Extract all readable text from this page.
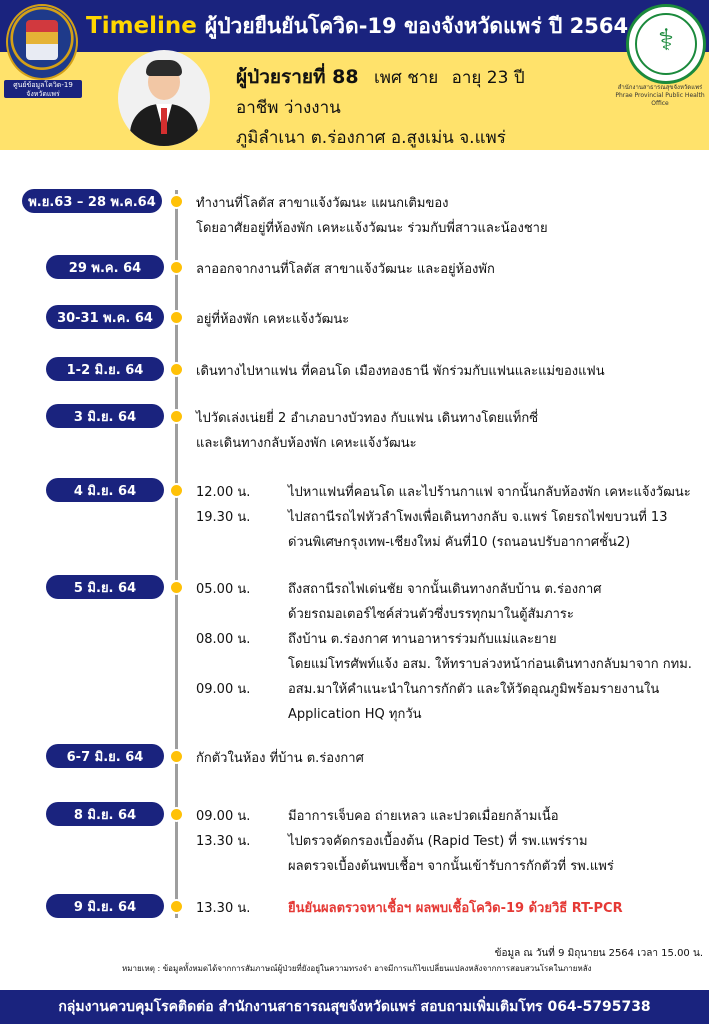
Timeline ผู้ป่วยยืนยันโควิด-19 ของจังหวัดแพร่ ปี 2564
ศูนย์ข้อมูลโควิด-19 จังหวัดแพร่
⚕
สำนักงานสาธารณสุขจังหวัดแพร่ Phrae Provincial Public Health Office
ผู้ป่วยรายที่ 88 เพศ ชาย อายุ 23 ปี
อาชีพ ว่างงาน
ภูมิลำเนา ต.ร่องกาศ อ.สูงเม่น จ.แพร่
พ.ย.63 – 28 พ.ค.64	ทำงานที่โลตัส สาขาแจ้งวัฒนะ แผนกเติมของ
โดยอาศัยอยู่ที่ห้องพัก เคหะแจ้งวัฒนะ ร่วมกับพี่สาวและน้องชาย
29 พ.ค. 64	ลาออกจากงานที่โลตัส สาขาแจ้งวัฒนะ และอยู่ห้องพัก
30-31 พ.ค. 64	อยู่ที่ห้องพัก เคหะแจ้งวัฒนะ
1-2 มิ.ย. 64	เดินทางไปหาแฟน ที่คอนโด เมืองทองธานี พักร่วมกับแฟนและแม่ของแฟน
3 มิ.ย. 64	ไปวัดเล่งเน่ยยี่ 2 อำเภอบางบัวทอง กับแฟน เดินทางโดยแท็กซี่
และเดินทางกลับห้องพัก เคหะแจ้งวัฒนะ
4 มิ.ย. 64	12.00 น.	ไปหาแฟนที่คอนโด และไปร้านกาแฟ จากนั้นกลับห้องพัก เคหะแจ้งวัฒนะ
19.30 น.	ไปสถานีรถไฟหัวลำโพงเพื่อเดินทางกลับ จ.แพร่ โดยรถไฟขบวนที่ 13
ด่วนพิเศษกรุงเทพ-เชียงใหม่ คันที่10 (รถนอนปรับอากาศชั้น2)
5 มิ.ย. 64	05.00 น.	ถึงสถานีรถไฟเด่นชัย จากนั้นเดินทางกลับบ้าน ต.ร่องกาศ
ด้วยรถมอเตอร์ไซค์ส่วนตัวซึ่งบรรทุกมาในตู้สัมภาระ
08.00 น.	ถึงบ้าน ต.ร่องกาศ ทานอาหารร่วมกับแม่และยาย
โดยแม่โทรศัพท์แจ้ง อสม. ให้ทราบล่วงหน้าก่อนเดินทางกลับมาจาก กทม.
09.00 น.	อสม.มาให้คำแนะนำในการกักตัว และให้วัดอุณภูมิพร้อมรายงานใน
Application HQ ทุกวัน
6-7 มิ.ย. 64	กักตัวในห้อง ที่บ้าน ต.ร่องกาศ
8 มิ.ย. 64	09.00 น.	มีอาการเจ็บคอ ถ่ายเหลว และปวดเมื่อยกล้ามเนื้อ
13.30 น.	ไปตรวจคัดกรองเบื้องต้น (Rapid Test) ที่ รพ.แพร่ราม
ผลตรวจเบื้องต้นพบเชื้อฯ จากนั้นเข้ารับการกักตัวที่ รพ.แพร่
9 มิ.ย. 64	13.30 น.	ยืนยันผลตรวจหาเชื้อฯ ผลพบเชื้อโควิด-19 ด้วยวิธี RT-PCR
ข้อมูล ณ วันที่ 9 มิถุนายน 2564 เวลา 15.00 น.
หมายเหตุ : ข้อมูลทั้งหมดได้จากการสัมภาษณ์ผู้ป่วยที่ยังอยู่ในความทรงจำ อาจมีการแก้ไขเปลี่ยนแปลงหลังจากการสอบสวนโรคในภายหลัง
กลุ่มงานควบคุมโรคติดต่อ สำนักงานสาธารณสุขจังหวัดแพร่ สอบถามเพิ่มเติมโทร 064-5795738
